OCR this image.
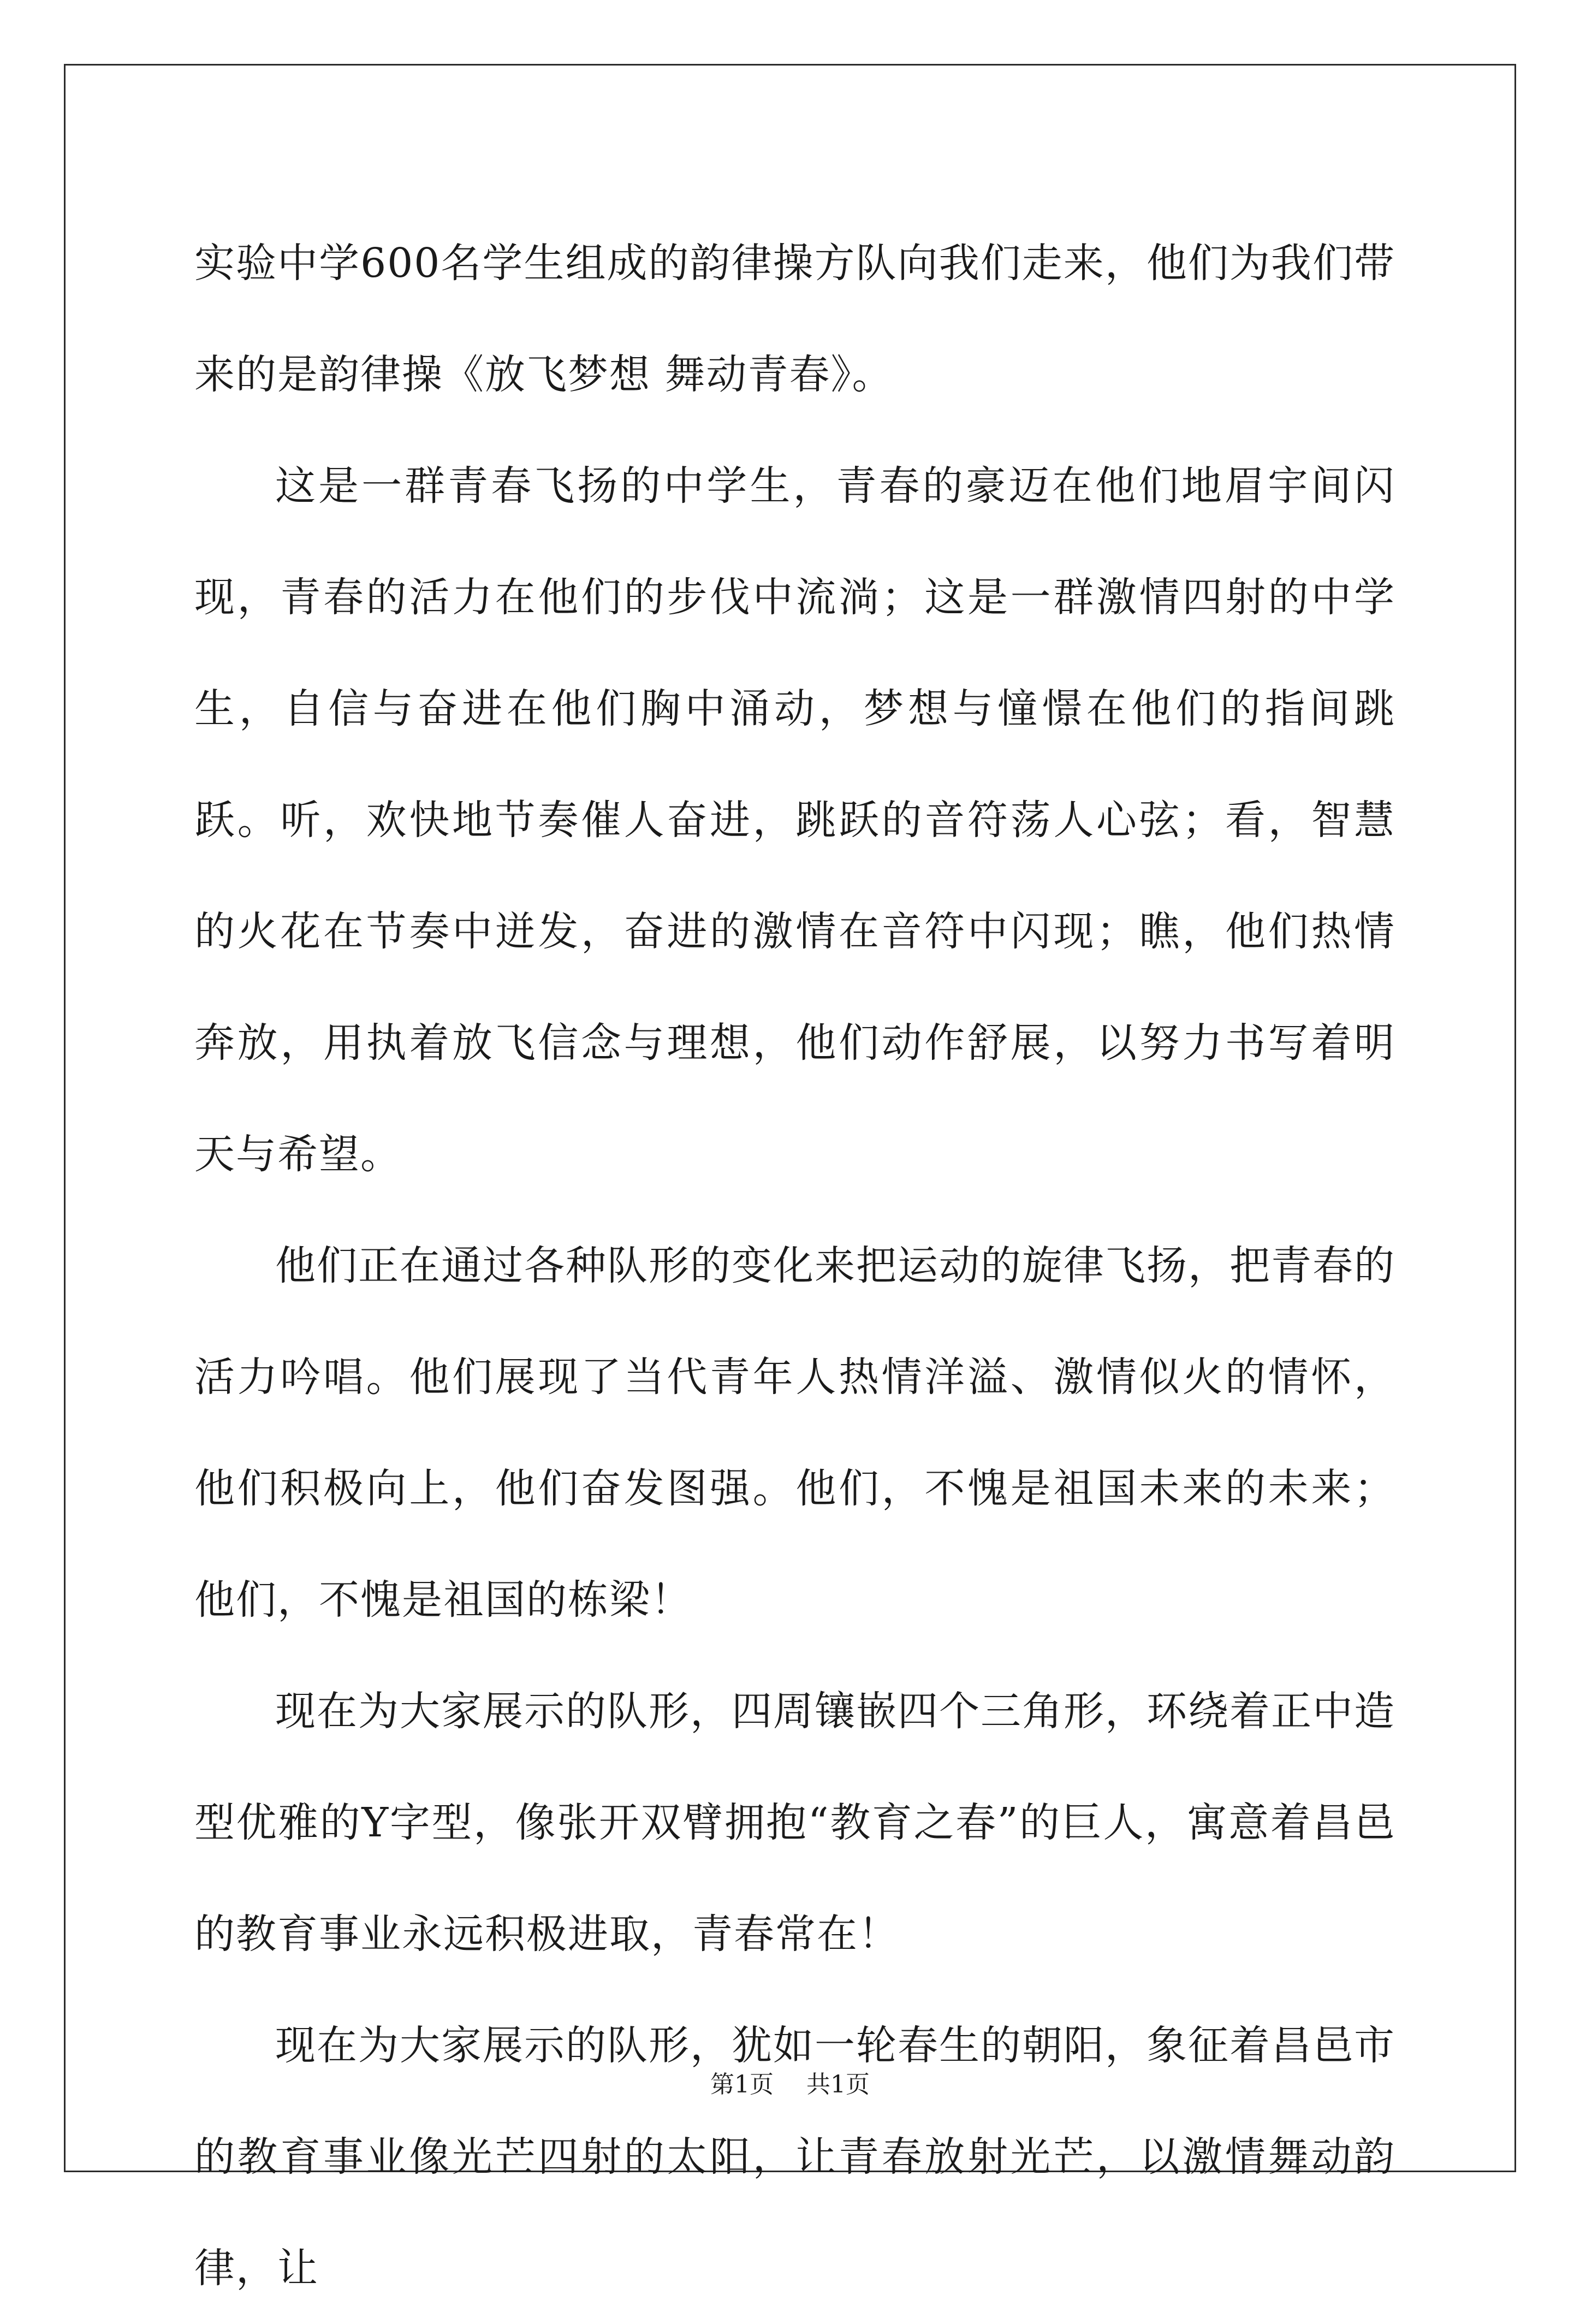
实验中学600名学生组成的韵律操方队向我们走来，他们为我们带来的是韵律操《放飞梦想 舞动青春》。

这是一群青春飞扬的中学生，青春的豪迈在他们地眉宇间闪现，青春的活力在他们的步伐中流淌；这是一群激情四射的中学生，自信与奋进在他们胸中涌动，梦想与憧憬在他们的指间跳跃。听，欢快地节奏催人奋进，跳跃的音符荡人心弦；看，智慧的火花在节奏中迸发，奋进的激情在音符中闪现；瞧，他们热情奔放，用执着放飞信念与理想，他们动作舒展，以努力书写着明天与希望。

他们正在通过各种队形的变化来把运动的旋律飞扬，把青春的活力吟唱。他们展现了当代青年人热情洋溢、激情似火的情怀，他们积极向上，他们奋发图强。他们，不愧是祖国未来的未来；他们，不愧是祖国的栋梁！

现在为大家展示的队形，四周镶嵌四个三角形，环绕着正中造型优雅的Y字型，像张开双臂拥抱“教育之春”的巨人，寓意着昌邑的教育事业永远积极进取，青春常在！

现在为大家展示的队形，犹如一轮春生的朝阳，象征着昌邑市的教育事业像光芒四射的太阳，让青春放射光芒，以激情舞动韵律，让

第1页 共1页
